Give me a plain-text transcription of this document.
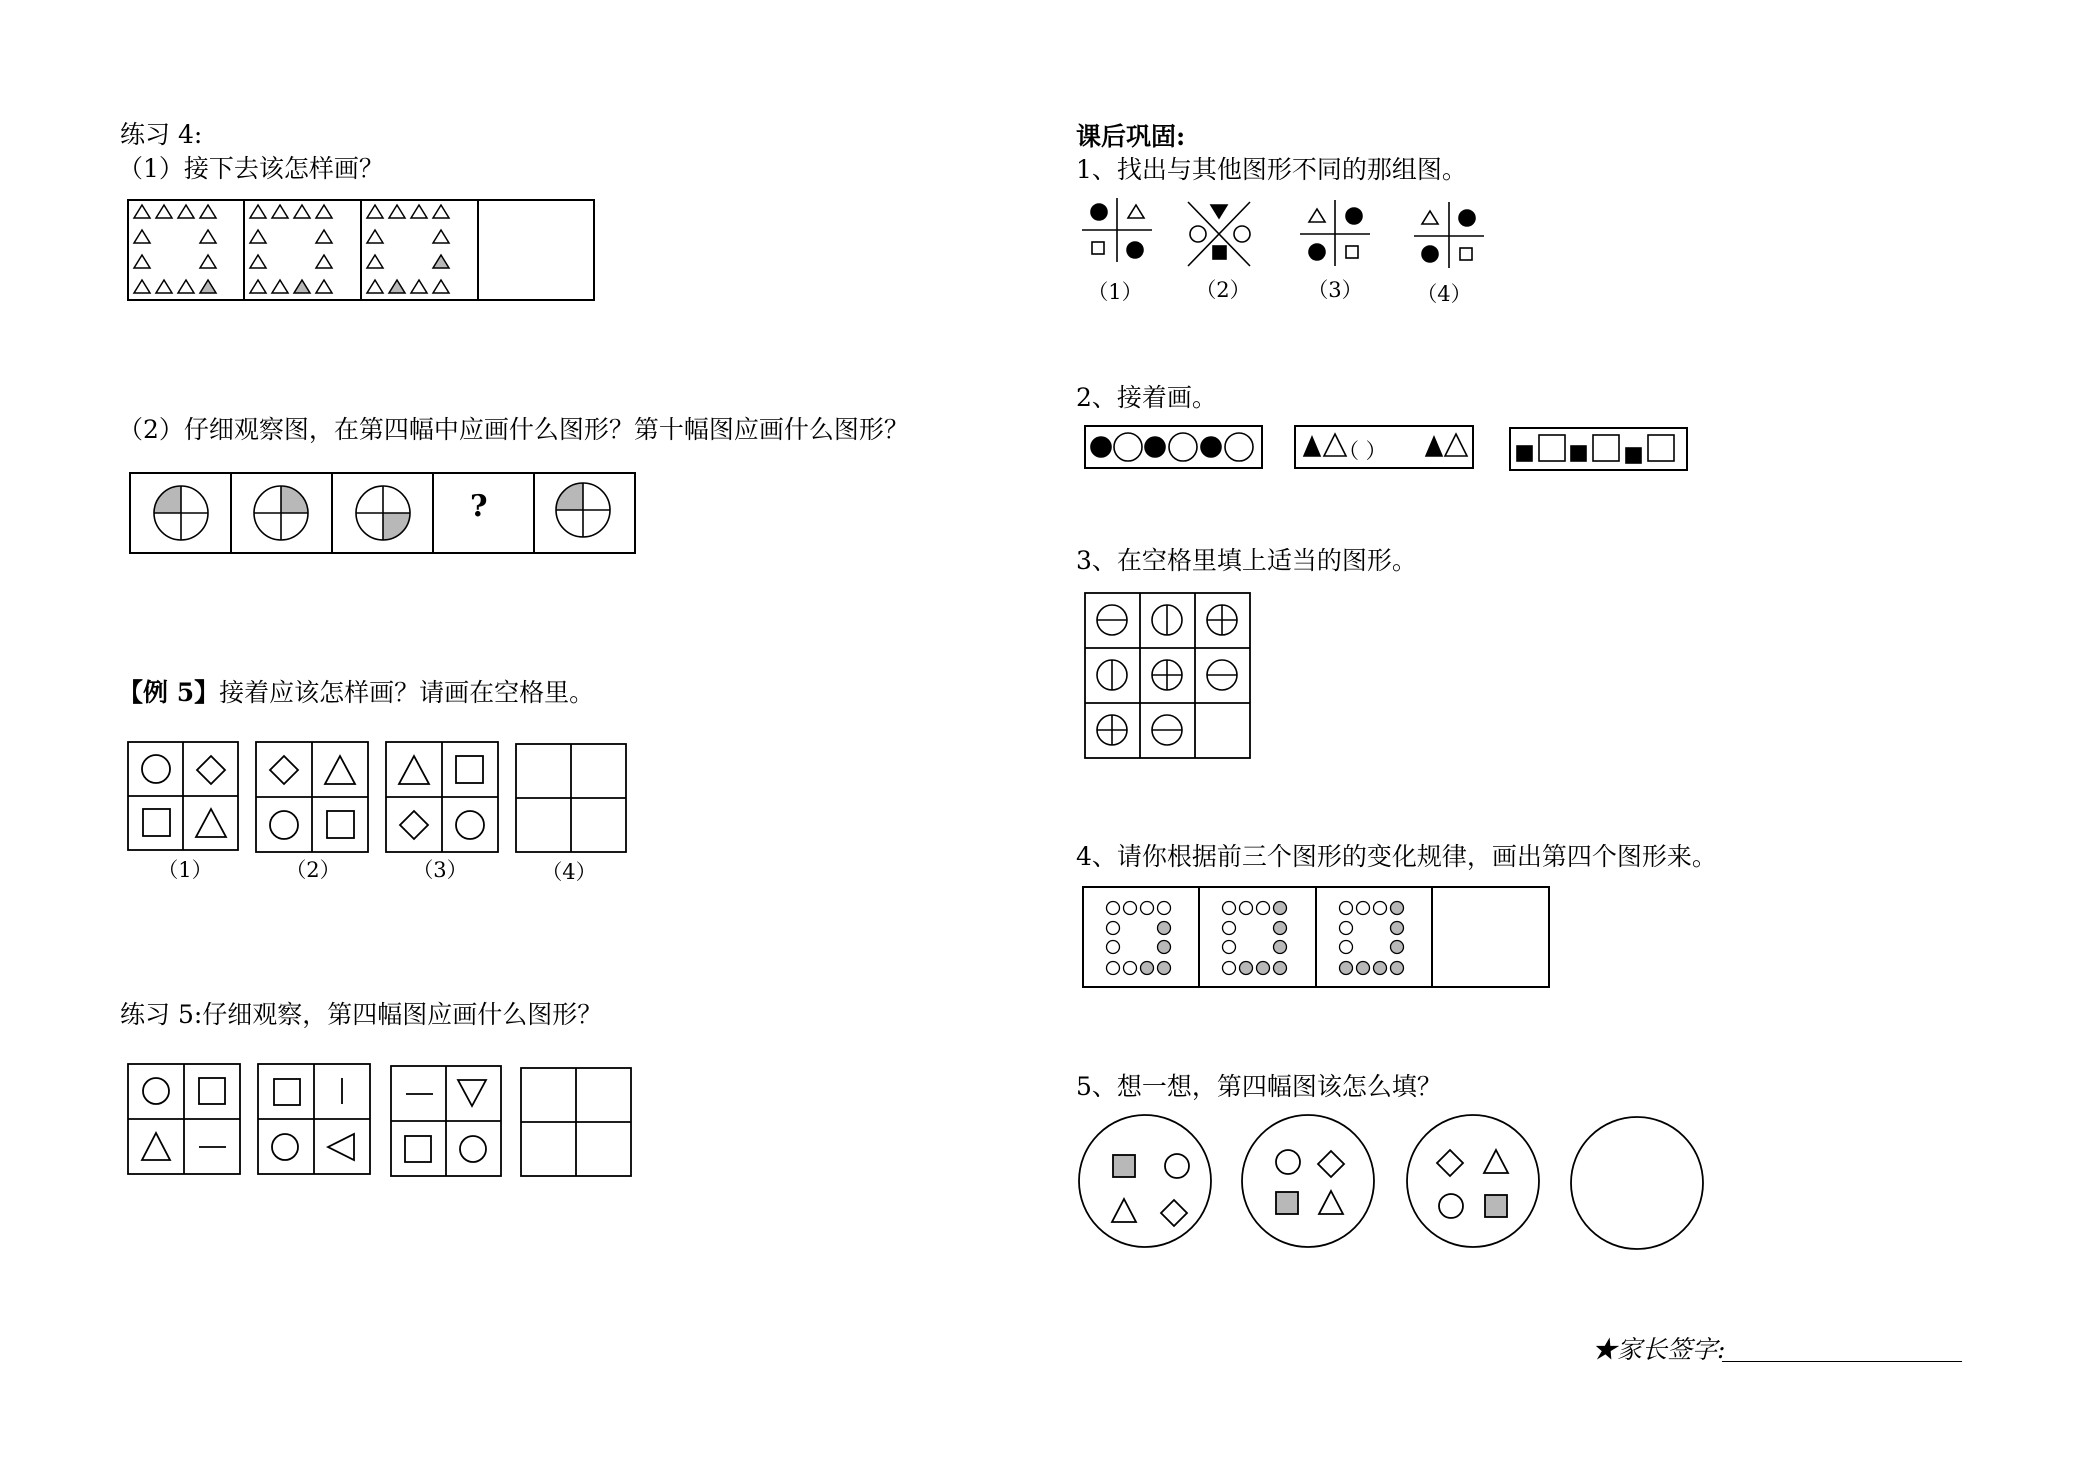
练习 4:
（1）接下去该怎样画？
（2）仔细观察图，在第四幅中应画什么图形？第十幅图应画什么图形？
?
【例 5】接着应该怎样画？请画在空格里。
（1）	（2）	（3）	（4）
练习 5:仔细观察，第四幅图应画什么图形？
课后巩固:
1、找出与其他图形不同的那组图。
（1）	（2）	（3）	（4）
2、接着画。
（ ）
3、在空格里填上适当的图形。
4、请你根据前三个图形的变化规律，画出第四个图形来。
5、想一想，第四幅图该怎么填？
★家长签字:
